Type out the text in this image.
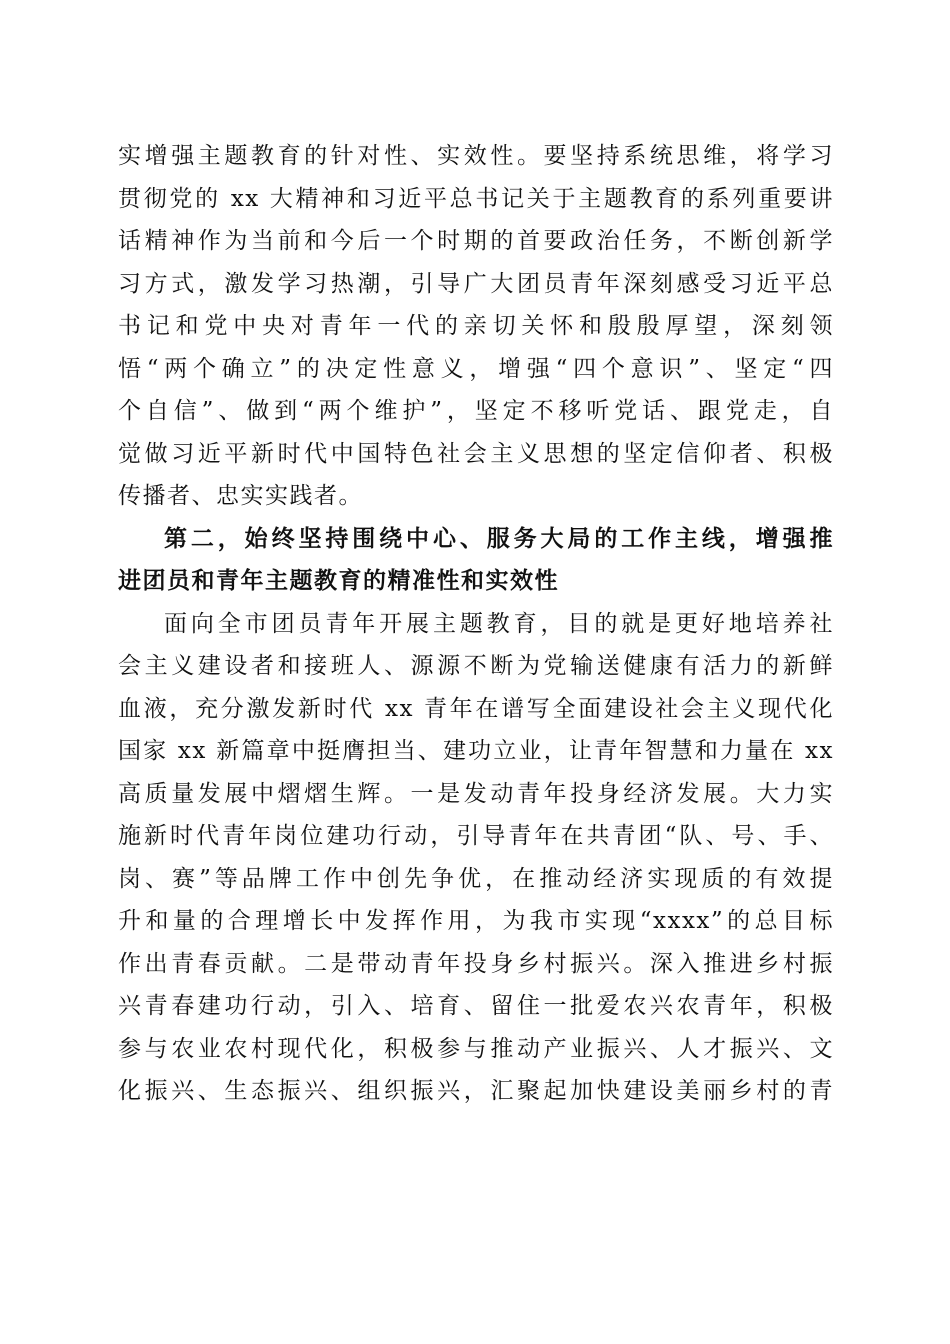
实增强主题教育的针对性、实效性。要坚持系统思维，将学习
贯彻党的 xx 大精神和习近平总书记关于主题教育的系列重要讲
话精神作为当前和今后一个时期的首要政治任务，不断创新学
习方式，激发学习热潮，引导广大团员青年深刻感受习近平总
书记和党中央对青年一代的亲切关怀和殷殷厚望，深刻领
悟“两个确立”的决定性意义，增强“四个意识”、坚定“四
个自信”、做到“两个维护”，坚定不移听党话、跟党走，自
觉做习近平新时代中国特色社会主义思想的坚定信仰者、积极
传播者、忠实实践者。
第二，始终坚持围绕中心、服务大局的工作主线，增强推
进团员和青年主题教育的精准性和实效性
面向全市团员青年开展主题教育，目的就是更好地培养社
会主义建设者和接班人、源源不断为党输送健康有活力的新鲜
血液，充分激发新时代 xx 青年在谱写全面建设社会主义现代化
国家 xx 新篇章中挺膺担当、建功立业，让青年智慧和力量在 xx
高质量发展中熠熠生辉。一是发动青年投身经济发展。大力实
施新时代青年岗位建功行动，引导青年在共青团“队、号、手、
岗、赛”等品牌工作中创先争优，在推动经济实现质的有效提
升和量的合理增长中发挥作用，为我市实现“xxxx”的总目标
作出青春贡献。二是带动青年投身乡村振兴。深入推进乡村振
兴青春建功行动，引入、培育、留住一批爱农兴农青年，积极
参与农业农村现代化，积极参与推动产业振兴、人才振兴、文
化振兴、生态振兴、组织振兴，汇聚起加快建设美丽乡村的青
